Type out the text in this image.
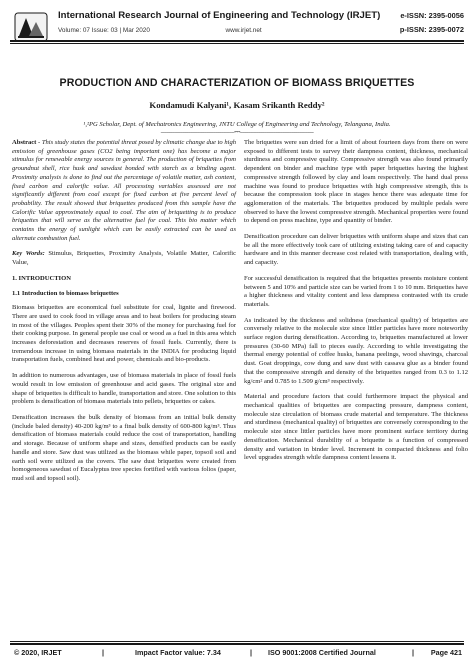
International Research Journal of Engineering and Technology (IRJET)
Volume: 07 Issue: 03 | Mar 2020	www.irjet.net
e-ISSN: 2395-0056
p-ISSN: 2395-0072
PRODUCTION AND CHARACTERIZATION OF BIOMASS BRIQUETTES
Kondamudi Kalyani¹, Kasam Srikanth Reddy²
¹,²PG Scholar, Dept. of Mechatronics Engineering, JNTU College of Engineering and Technology, Telangana, India.
---------------------------------------------------------------------***---------------------------------------------------------------------

Abstract - This study states the potential threat posed by climatic change due to high emission of greenhouse gases (CO2 being important one) has become a major stimulus for renewable energy sources in general. The production of briquettes from groundnut shell, rice husk and sawdust bonded with starch as a binding agent. Proximity analysis is done to find out the percentage of volatile matter, ash content, fixed carbon and calorific value. All processing variables assessed are not significantly different from coal except for fixed carbon at five percent level of probability. The result showed that briquettes produced from this sample have the Calorific Value approximately equal to coal. The aim of briquetting is to produce briquettes that will serve as the alternative fuel for coal. This bio matter which contains the energy of sunlight which can be easily extracted can be used as alternate combustion fuel.

Key Words: Stimulus, Briquettes, Proximity Analysis, Volatile Matter, Calorific Value,

1. INTRODUCTION
1.1 Introduction to biomass briquettes

Biomass briquettes are economical fuel substitute for coal, lignite and firewood. There are used to cook food in village areas and to heat boilers for producing steam in most of the villages. Peoples spent their 30% of the money for purchasing fuel for their cooking purpose. In general people use coal or wood as a fuel in this area which increases deforestation and decreases reserves of fossil fuels. Currently, there is tremendous increase in using biomass materials in the INDIA for producing liquid transportation fuels, combined heat and power, chemicals and bio-products.

In addition to numerous advantages, use of biomass materials in place of fossil fuels would result in low emission of greenhouse and acid gases. The original size and shape of briquettes is difficult to handle, transportation and store. One solution to this problem is densification of biomass materials into pellets, briquettes or cakes.

Densification increases the bulk density of biomass from an initial bulk density (include baled density) 40-200 kg/m³ to a final bulk density of 600-800 kg/m³. Thus densification of biomass materials could reduce the cost of transportation, handling and storage. Because of uniform shape and sizes, densified products can be easily handle and store. Saw dust was utilized as the biomass while paper, topsoil soil and earth soil were utilized as the covers. The saw dust briquettes were created from homogeneous sawdust of Eucalyptus tree species fortified with various folios (paper, mud soil and topsoil soil).

The briquettes were sun dried for a limit of about fourteen days from there on were exposed to different tests to survey their dampness content, thickness, mechanical sturdiness and compressive quality. Compressive strength was also found primarily dependent on binder and machine type with paper briquettes having the highest compressive strength followed by clay and loam respectively. The hand dual press machine was found to produce briquettes with high compressive strength, this is because the compression took place in stages hence there was adequate time for agglomeration of the materials. The briquettes produced by multiple pedals were observed to have the lowest compressive strength. Mechanical properties were found to depend on press machine, type and quantity of binder.

Densification procedure can deliver briquettes with uniform shape and sizes that can be all the more effectively took care of utilizing existing taking care of and capacity hardware and in this manner decrease cost related with transportation, dealing with, and capacity.

For successful densification is required that the briquettes presents moisture content between 5 and 10% and particle size can be varied from 1 to 10 mm. Briquettes have a higher thickness and vitality content and less dampness contrasted with its crude materials.

As indicated by the thickness and solidness (mechanical quality) of briquettes are conversely relative to the molecule size since littler particles have more noteworthy surface region during densification. According to, briquettes manufactured at lower pressures (30-60 MPa) fall to pieces easily. According to while investigating the thermal energy potential of coffee husks, banana peelings, wood shavings, charcoal dust. Goat droppings, cow dung and saw dust with cassava glue as a binder found that the compressive strength and density of the briquettes ranged from 0.3 to 1.12 kg/cm² and 0.785 to 1.509 g/cm³ respectively.

Material and procedure factors that could furthermore impact the physical and mechanical qualities of briquettes are compacting pressure, dampness content, molecule size circulation of biomass crude material and temperature. The thickness and sturdiness (mechanical quality) of briquettes are conversely corresponding to the molecule size since littler particles have more prominent surface territory during densification. Mechanical durability of a briquette is a function of compressed density and variation in binder level. Increment in compacted thickness and folio level upgrades strength while dampness content lessens it.

© 2020, IRJET	|	Impact Factor value: 7.34	| ISO 9001:2008 Certified Journal	| Page 421
